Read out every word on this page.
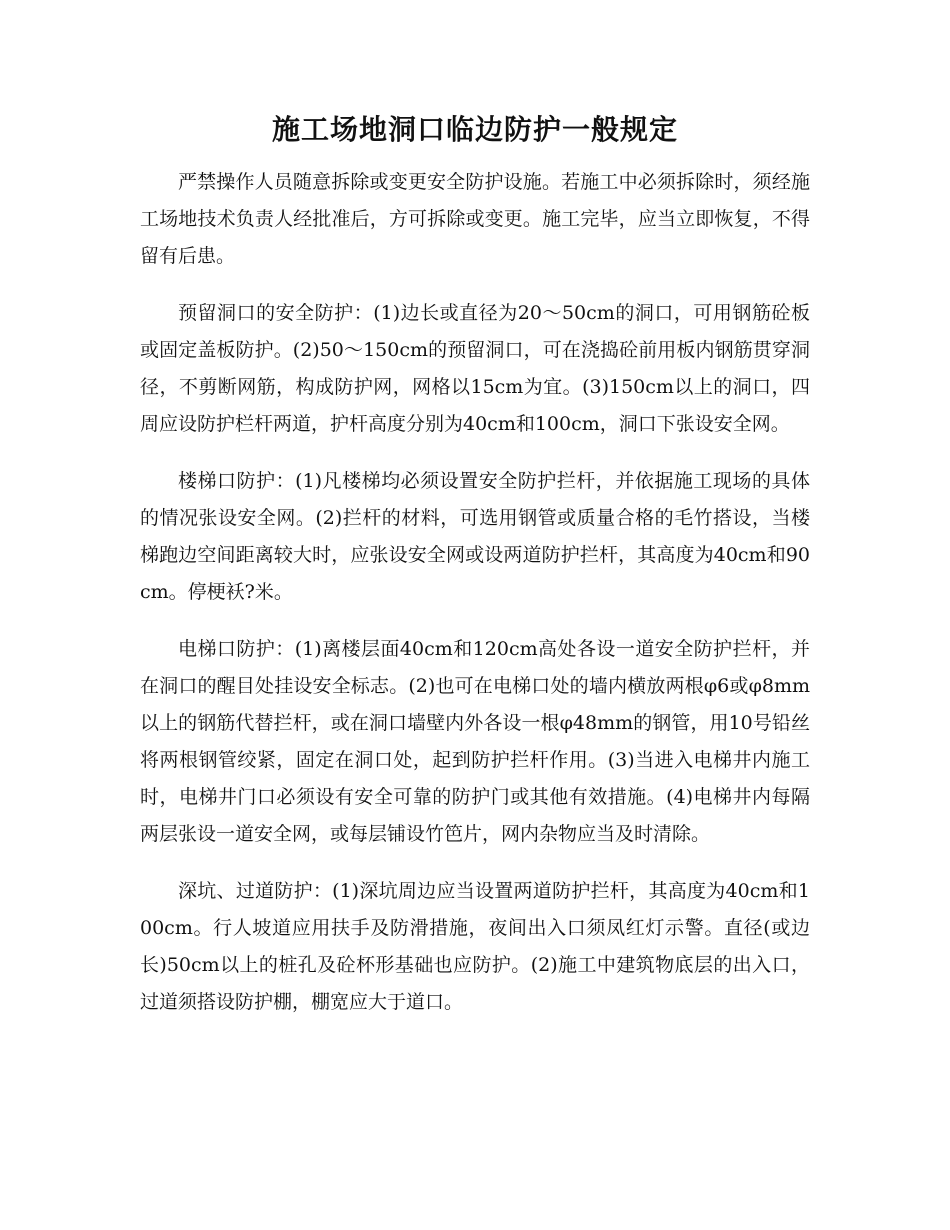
施工场地洞口临边防护一般规定

严禁操作人员随意拆除或变更安全防护设施。若施工中必须拆除时，须经施工场地技术负责人经批准后，方可拆除或变更。施工完毕，应当立即恢复，不得留有后患。

预留洞口的安全防护：(1)边长或直径为20～50cm的洞口，可用钢筋砼板或固定盖板防护。(2)50～150cm的预留洞口，可在浇捣砼前用板内钢筋贯穿洞径，不剪断网筋，构成防护网，网格以15cm为宜。(3)150cm以上的洞口，四周应设防护栏杆两道，护杆高度分别为40cm和100cm，洞口下张设安全网。

楼梯口防护：(1)凡楼梯均必须设置安全防护拦杆，并依据施工现场的具体的情况张设安全网。(2)拦杆的材料，可选用钢管或质量合格的毛竹搭设，当楼梯跑边空间距离较大时，应张设安全网或设两道防护拦杆，其高度为40cm和90cm。停梗袄?米。

电梯口防护：(1)离楼层面40cm和120cm高处各设一道安全防护拦杆，并在洞口的醒目处挂设安全标志。(2)也可在电梯口处的墙内横放两根φ6或φ8mm以上的钢筋代替拦杆，或在洞口墙壁内外各设一根φ48mm的钢管，用10号铅丝将两根钢管绞紧，固定在洞口处，起到防护拦杆作用。(3)当进入电梯井内施工时，电梯井门口必须设有安全可靠的防护门或其他有效措施。(4)电梯井内每隔两层张设一道安全网，或每层铺设竹笆片，网内杂物应当及时清除。

深坑、过道防护：(1)深坑周边应当设置两道防护拦杆，其高度为40cm和100cm。行人坡道应用扶手及防滑措施，夜间出入口须凤红灯示警。直径(或边长)50cm以上的桩孔及砼杯形基础也应防护。(2)施工中建筑物底层的出入口，过道须搭设防护棚，棚宽应大于道口。
